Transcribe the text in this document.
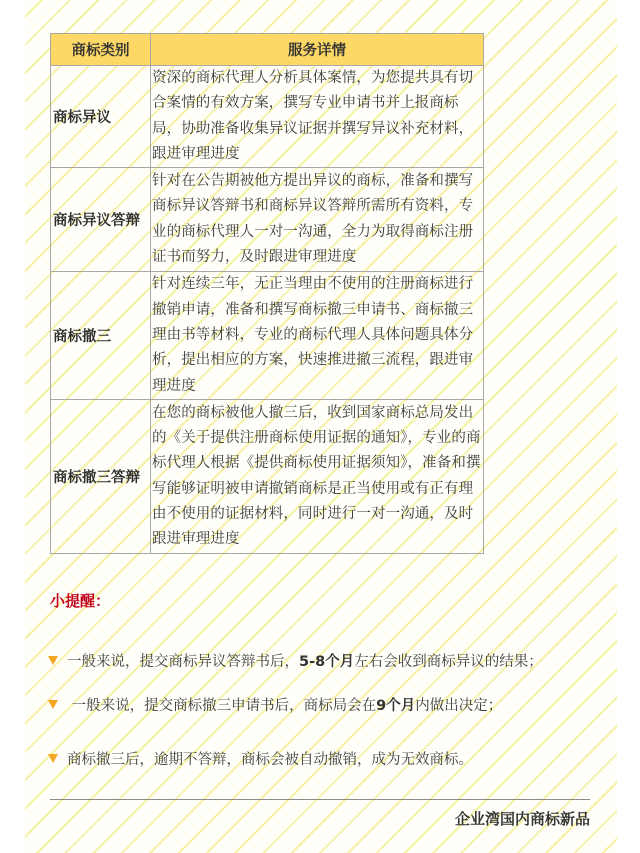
商标类别	服务详情
商标异议	资深的商标代理人分析具体案情，为您提共具有切合案情的有效方案，撰写专业申请书并上报商标局，协助准备收集异议证据并撰写异议补充材料，跟进审理进度
商标异议答辩	针对在公告期被他方提出异议的商标，准备和撰写商标异议答辩书和商标异议答辩所需所有资料，专业的商标代理人一对一沟通，全力为取得商标注册证书而努力，及时跟进审理进度
商标撤三	针对连续三年，无正当理由不使用的注册商标进行撤销申请，准备和撰写商标撤三申请书、商标撤三理由书等材料，专业的商标代理人具体问题具体分析，提出相应的方案，快速推进撤三流程，跟进审理进度
商标撤三答辩	在您的商标被他人撤三后，收到国家商标总局发出的《关于提供注册商标使用证据的通知》，专业的商标代理人根据《提供商标使用证据须知》，准备和撰写能够证明被申请撤销商标是正当使用或有正有理由不使用的证据材料，同时进行一对一沟通，及时跟进审理进度
小提醒：
一般来说，提交商标异议答辩书后， 5-8个月 左右会收到商标异议的结果；
一般来说，提交商标撤三申请书后，商标局会在 9个月 内做出决定；
商标撤三后，逾期不答辩，商标会被自动撤销，成为无效商标。
企业湾国内商标新品
